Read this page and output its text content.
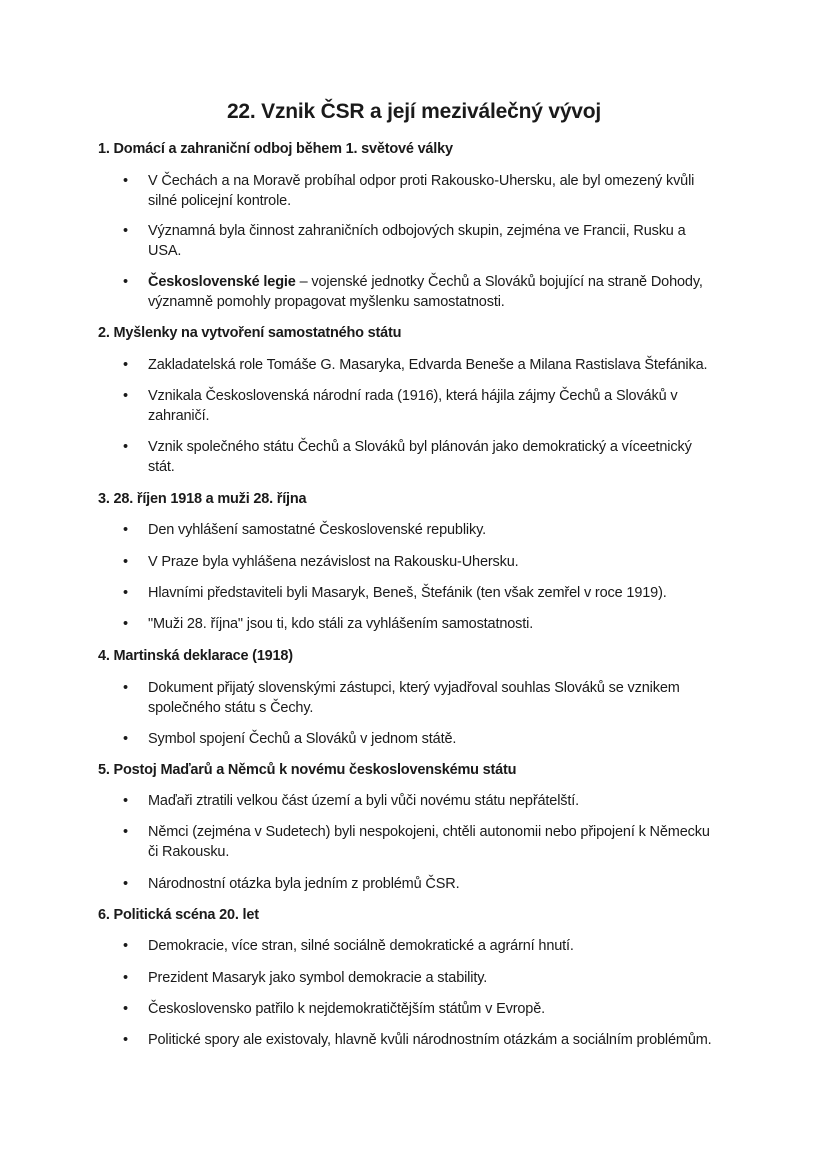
22. Vznik ČSR a její meziválečný vývoj
1. Domácí a zahraniční odboj během 1. světové války
•	V Čechách a na Moravě probíhal odpor proti Rakousko-Uhersku, ale byl omezený kvůli silné policejní kontrole.
•	Významná byla činnost zahraničních odbojových skupin, zejména ve Francii, Rusku a USA.
•	Československé legie – vojenské jednotky Čechů a Slováků bojující na straně Dohody, významně pomohly propagovat myšlenku samostatnosti.
2. Myšlenky na vytvoření samostatného státu
•	Zakladatelská role Tomáše G. Masaryka, Edvarda Beneše a Milana Rastislava Štefánika.
•	Vznikala Československá národní rada (1916), která hájila zájmy Čechů a Slováků v zahraničí.
•	Vznik společného státu Čechů a Slováků byl plánován jako demokratický a víceetnický stát.
3. 28. říjen 1918 a muži 28. října
•	Den vyhlášení samostatné Československé republiky.
•	V Praze byla vyhlášena nezávislost na Rakousku-Uhersku.
•	Hlavními představiteli byli Masaryk, Beneš, Štefánik (ten však zemřel v roce 1919).
•	"Muži 28. října" jsou ti, kdo stáli za vyhlášením samostatnosti.
4. Martinská deklarace (1918)
•	Dokument přijatý slovenskými zástupci, který vyjadřoval souhlas Slováků se vznikem společného státu s Čechy.
•	Symbol spojení Čechů a Slováků v jednom státě.
5. Postoj Maďarů a Němců k novému československému státu
•	Maďaři ztratili velkou část území a byli vůči novému státu nepřátelští.
•	Němci (zejména v Sudetech) byli nespokojeni, chtěli autonomii nebo připojení k Německu či Rakousku.
•	Národnostní otázka byla jedním z problémů ČSR.
6. Politická scéna 20. let
•	Demokracie, více stran, silné sociálně demokratické a agrární hnutí.
•	Prezident Masaryk jako symbol demokracie a stability.
•	Československo patřilo k nejdemokratičtějším státům v Evropě.
•	Politické spory ale existovaly, hlavně kvůli národnostním otázkám a sociálním problémům.
